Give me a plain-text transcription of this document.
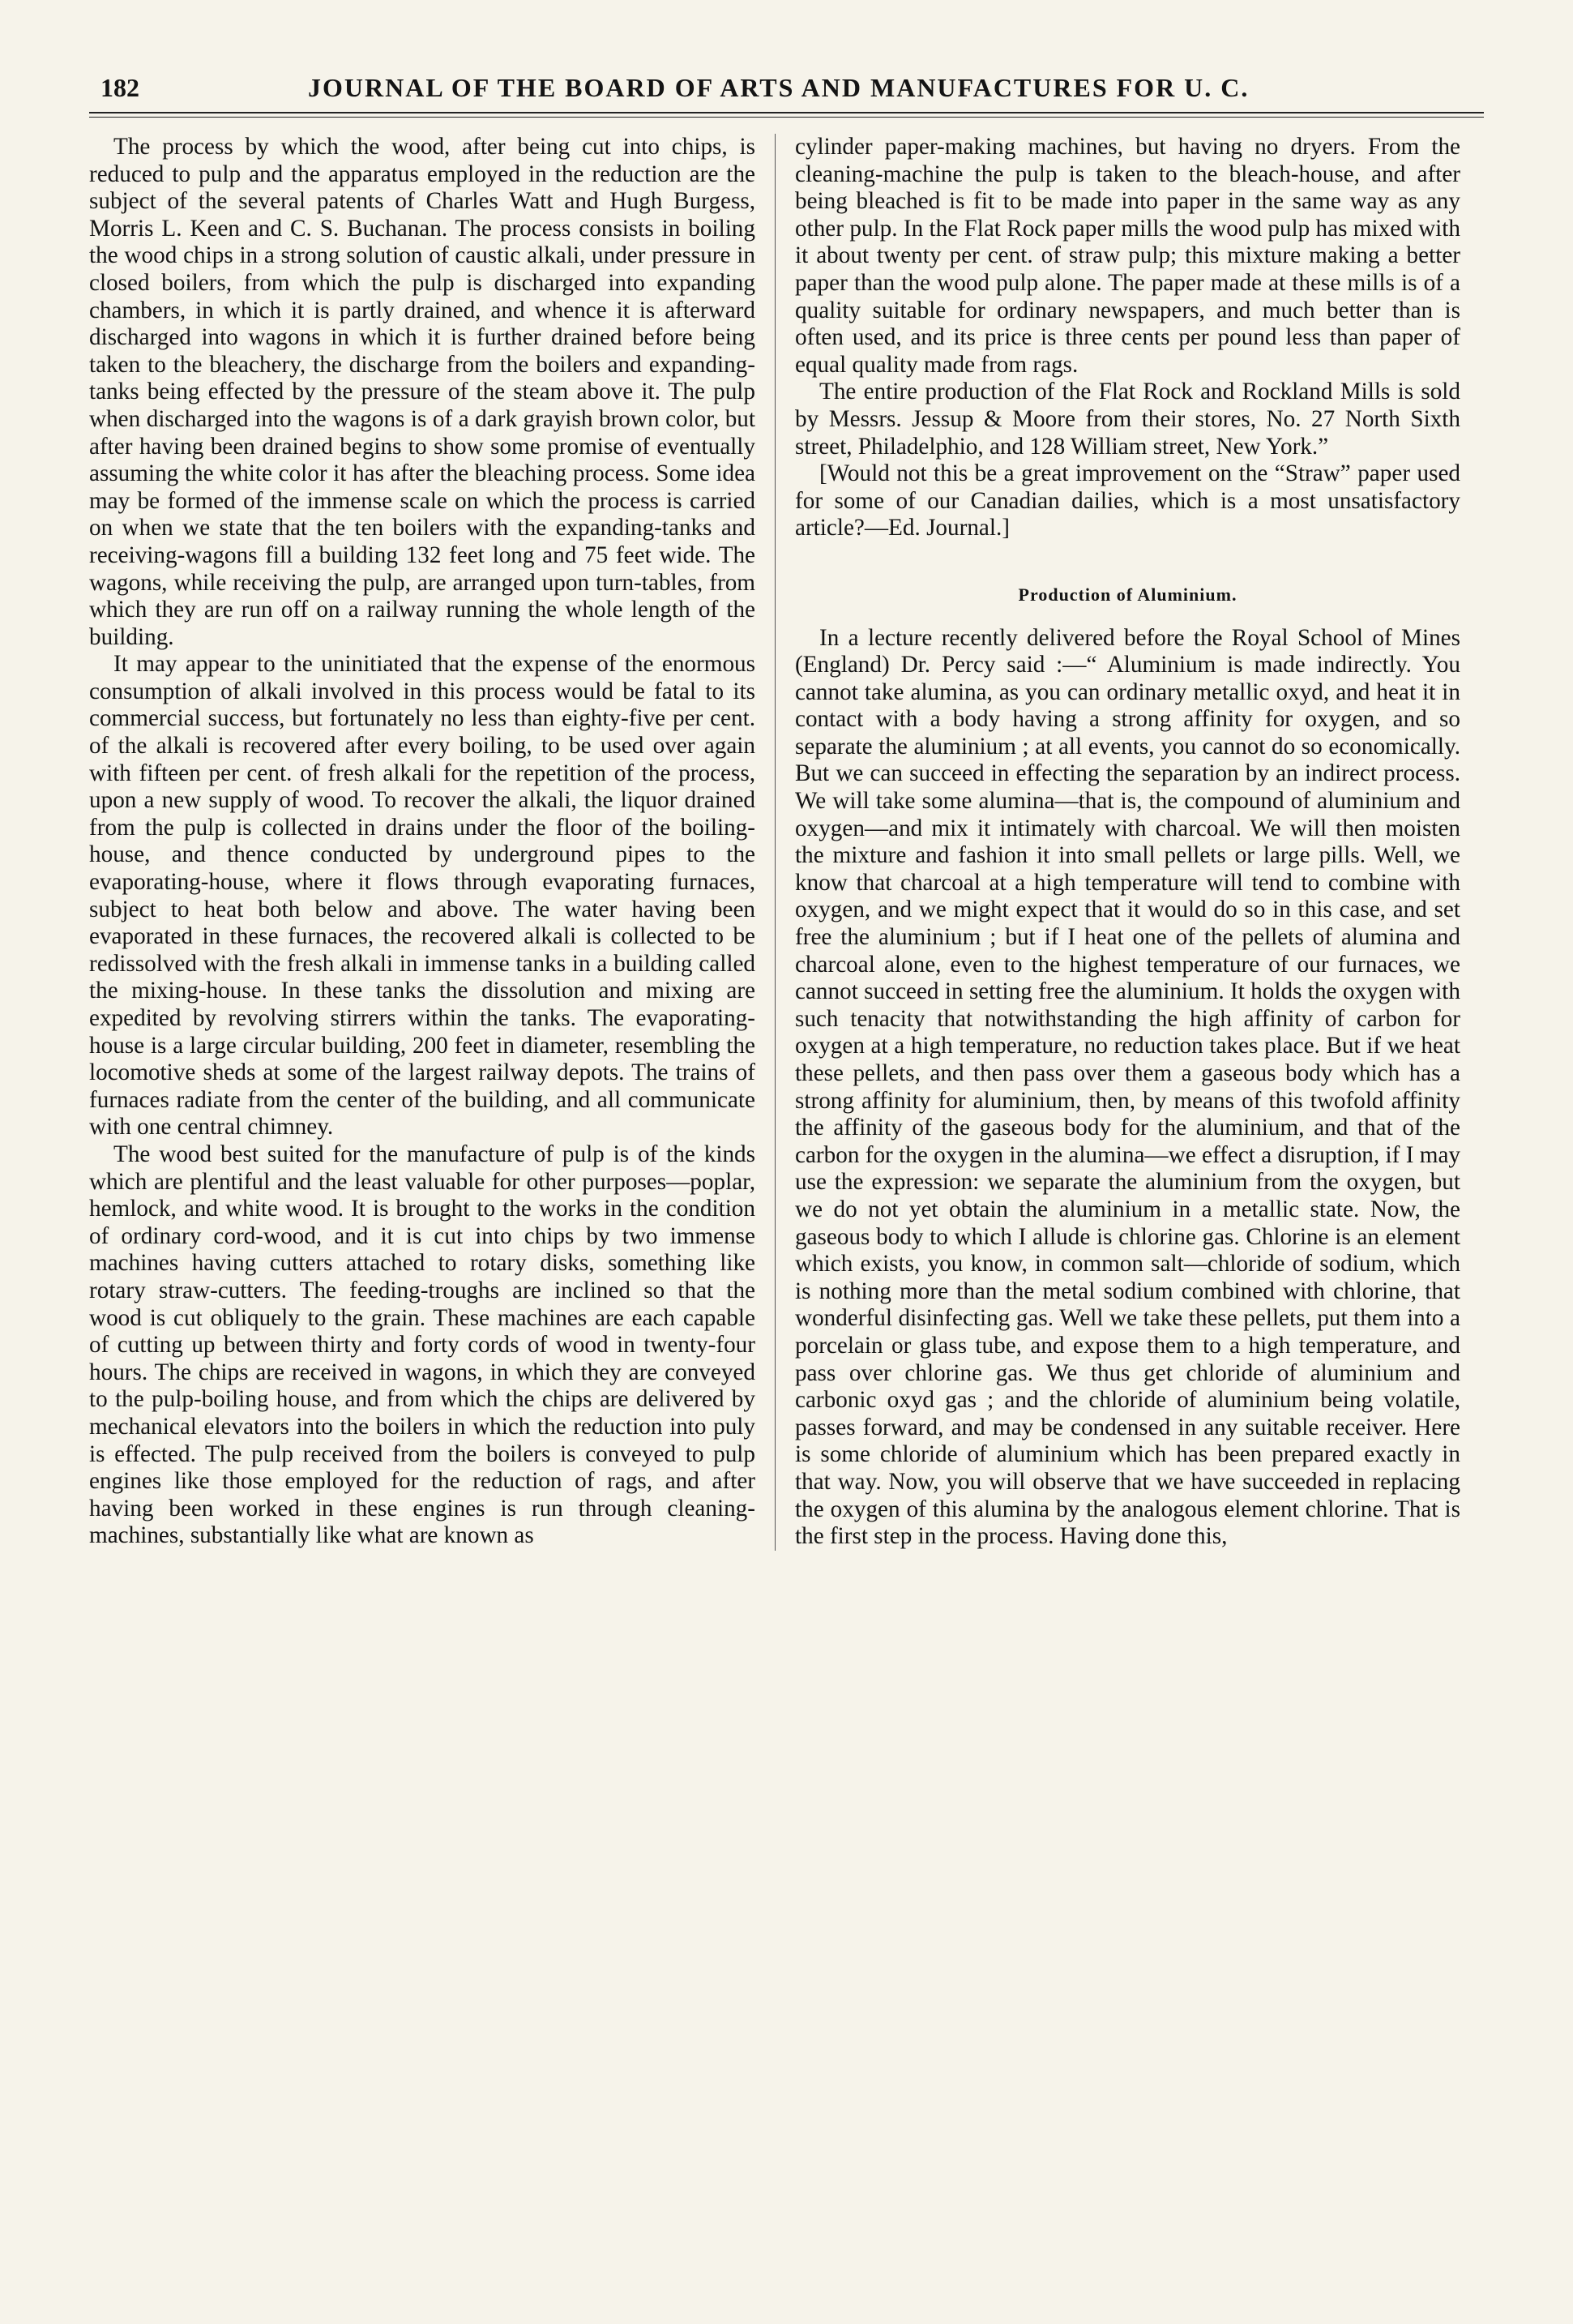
182	JOURNAL OF THE BOARD OF ARTS AND MANUFACTURES FOR U. C.

The process by which the wood, after being cut into chips, is reduced to pulp and the apparatus employed in the reduction are the subject of the several patents of Charles Watt and Hugh Burgess, Morris L. Keen and C. S. Buchanan. The process consists in boiling the wood chips in a strong solution of caustic alkali, under pressure in closed boilers, from which the pulp is discharged into expanding chambers, in which it is partly drained, and whence it is afterward discharged into wagons in which it is further drained before being taken to the bleachery, the discharge from the boilers and expanding-tanks being effected by the pressure of the steam above it. The pulp when discharged into the wagons is of a dark grayish brown color, but after having been drained begins to show some promise of eventually assuming the white color it has after the bleaching process. Some idea may be formed of the immense scale on which the process is carried on when we state that the ten boilers with the expanding-tanks and receiving-wagons fill a building 132 feet long and 75 feet wide. The wagons, while receiving the pulp, are arranged upon turn-tables, from which they are run off on a railway running the whole length of the building.

It may appear to the uninitiated that the expense of the enormous consumption of alkali involved in this process would be fatal to its commercial success, but fortunately no less than eighty-five per cent. of the alkali is recovered after every boiling, to be used over again with fifteen per cent. of fresh alkali for the repetition of the process, upon a new supply of wood. To recover the alkali, the liquor drained from the pulp is collected in drains under the floor of the boiling-house, and thence conducted by underground pipes to the evaporating-house, where it flows through evaporating furnaces, subject to heat both below and above. The water having been evaporated in these furnaces, the recovered alkali is collected to be redissolved with the fresh alkali in immense tanks in a building called the mixing-house. In these tanks the dissolution and mixing are expedited by revolving stirrers within the tanks. The evaporating-house is a large circular building, 200 feet in diameter, resembling the locomotive sheds at some of the largest railway depots. The trains of furnaces radiate from the center of the building, and all communicate with one central chimney.

The wood best suited for the manufacture of pulp is of the kinds which are plentiful and the least valuable for other purposes—poplar, hemlock, and white wood. It is brought to the works in the condition of ordinary cord-wood, and it is cut into chips by two immense machines having cutters attached to rotary disks, something like rotary straw-cutters. The feeding-troughs are inclined so that the wood is cut obliquely to the grain. These machines are each capable of cutting up between thirty and forty cords of wood in twenty-four hours. The chips are received in wagons, in which they are conveyed to the pulp-boiling house, and from which the chips are delivered by mechanical elevators into the boilers in which the reduction into puly is effected. The pulp received from the boilers is conveyed to pulp engines like those employed for the reduction of rags, and after having been worked in these engines is run through cleaning-machines, substantially like what are known as

cylinder paper-making machines, but having no dryers. From the cleaning-machine the pulp is taken to the bleach-house, and after being bleached is fit to be made into paper in the same way as any other pulp. In the Flat Rock paper mills the wood pulp has mixed with it about twenty per cent. of straw pulp; this mixture making a better paper than the wood pulp alone. The paper made at these mills is of a quality suitable for ordinary newspapers, and much better than is often used, and its price is three cents per pound less than paper of equal quality made from rags.

The entire production of the Flat Rock and Rockland Mills is sold by Messrs. Jessup & Moore from their stores, No. 27 North Sixth street, Philadelphio, and 128 William street, New York.”

[Would not this be a great improvement on the “Straw” paper used for some of our Canadian dailies, which is a most unsatisfactory article?—Ed. Journal.]

Production of Aluminium.

In a lecture recently delivered before the Royal School of Mines (England) Dr. Percy said :—“ Aluminium is made indirectly. You cannot take alumina, as you can ordinary metallic oxyd, and heat it in contact with a body having a strong affinity for oxygen, and so separate the aluminium ; at all events, you cannot do so economically. But we can succeed in effecting the separation by an indirect process. We will take some alumina—that is, the compound of aluminium and oxygen—and mix it intimately with charcoal. We will then moisten the mixture and fashion it into small pellets or large pills. Well, we know that charcoal at a high temperature will tend to combine with oxygen, and we might expect that it would do so in this case, and set free the aluminium ; but if I heat one of the pellets of alumina and charcoal alone, even to the highest temperature of our furnaces, we cannot succeed in setting free the aluminium. It holds the oxygen with such tenacity that notwithstanding the high affinity of carbon for oxygen at a high temperature, no reduction takes place. But if we heat these pellets, and then pass over them a gaseous body which has a strong affinity for aluminium, then, by means of this twofold affinity the affinity of the gaseous body for the aluminium, and that of the carbon for the oxygen in the alumina—we effect a disruption, if I may use the expression: we separate the aluminium from the oxygen, but we do not yet obtain the aluminium in a metallic state. Now, the gaseous body to which I allude is chlorine gas. Chlorine is an element which exists, you know, in common salt—chloride of sodium, which is nothing more than the metal sodium combined with chlorine, that wonderful disinfecting gas. Well we take these pellets, put them into a porcelain or glass tube, and expose them to a high temperature, and pass over chlorine gas. We thus get chloride of aluminium and carbonic oxyd gas ; and the chloride of aluminium being volatile, passes forward, and may be condensed in any suitable receiver. Here is some chloride of aluminium which has been prepared exactly in that way. Now, you will observe that we have succeeded in replacing the oxygen of this alumina by the analogous element chlorine. That is the first step in the process. Having done this,
